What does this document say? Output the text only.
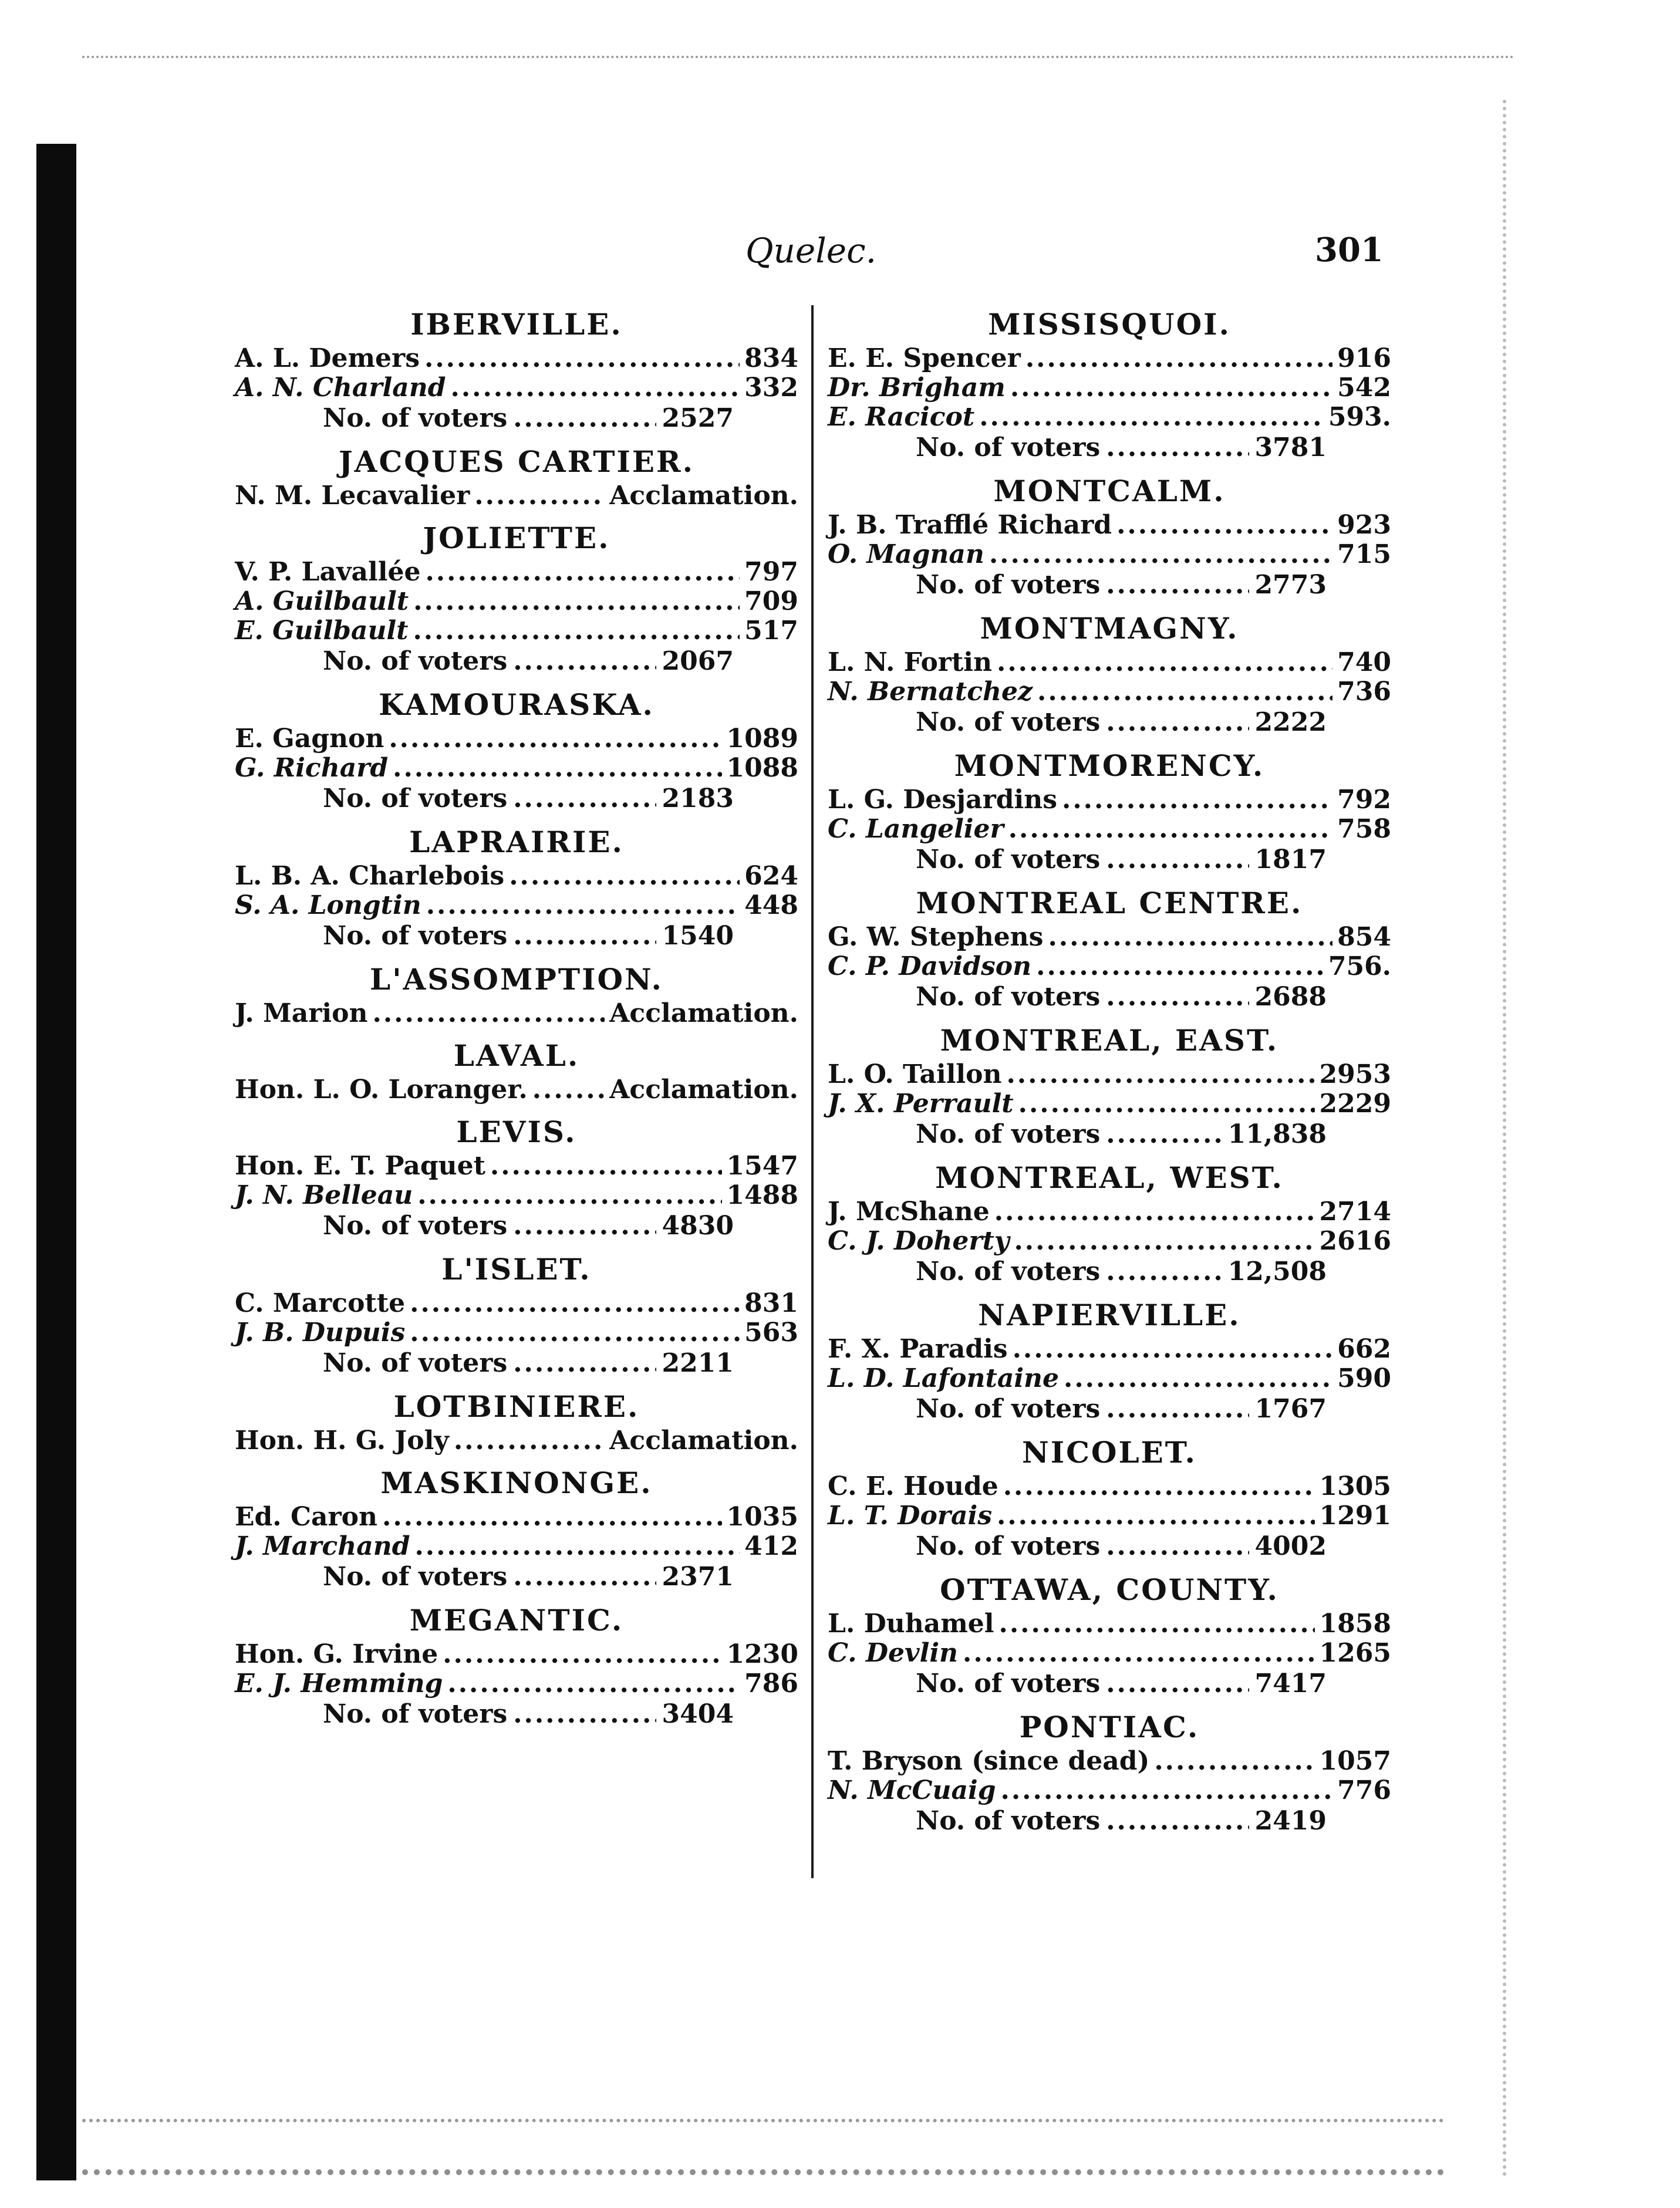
Quelec.	301
IBERVILLE.
A. L. Demers .....	834
A. N. Charland .....	332
No. of voters .....	2527
JACQUES CARTIER.
N. M. Lecavalier .....	Acclamation.
JOLIETTE.
V. P. Lavallée .....	797
A. Guilbault .....	709
E. Guilbault .....	517
No. of voters .....	2067
KAMOURASKA.
E. Gagnon .....	1089
G. Richard .....	1088
No. of voters .....	2183
LAPRAIRIE.
L. B. A. Charlebois .....	624
S. A. Longtin .....	448
No. of voters .....	1540
L'ASSOMPTION.
J. Marion .....	Acclamation.
LAVAL.
Hon. L. O. Loranger. .....	Acclamation.
LEVIS.
Hon. E. T. Paquet .....	1547
J. N. Belleau .....	1488
No. of voters .....	4830
L'ISLET.
C. Marcotte .....	831
J. B. Dupuis .....	563
No. of voters .....	2211
LOTBINIERE.
Hon. H. G. Joly .....	Acclamation.
MASKINONGE.
Ed. Caron .....	1035
J. Marchand .....	412
No. of voters .....	2371
MEGANTIC.
Hon. G. Irvine .....	1230
E. J. Hemming .....	786
No. of voters .....	3404
MISSISQUOI.
E. E. Spencer .....	916
Dr. Brigham .....	542
E. Racicot .....	593.
No. of voters .....	3781
MONTCALM.
J. B. Trafflé Richard .....	923
O. Magnan .....	715
No. of voters .....	2773
MONTMAGNY.
L. N. Fortin .....	740
N. Bernatchez .....	736
No. of voters .....	2222
MONTMORENCY.
L. G. Desjardins .....	792
C. Langelier .....	758
No. of voters .....	1817
MONTREAL CENTRE.
G. W. Stephens .....	854
C. P. Davidson .....	756.
No. of voters .....	2688
MONTREAL, EAST.
L. O. Taillon .....	2953
J. X. Perrault .....	2229
No. of voters .....	11,838
MONTREAL, WEST.
J. McShane .....	2714
C. J. Doherty .....	2616
No. of voters .....	12,508
NAPIERVILLE.
F. X. Paradis .....	662
L. D. Lafontaine .....	590
No. of voters .....	1767
NICOLET.
C. E. Houde .....	1305
L. T. Dorais .....	1291
No. of voters .....	4002
OTTAWA, COUNTY.
L. Duhamel .....	1858
C. Devlin .....	1265
No. of voters .....	7417
PONTIAC.
T. Bryson (since dead) .....	1057
N. McCuaig .....	776
No. of voters .....	2419
